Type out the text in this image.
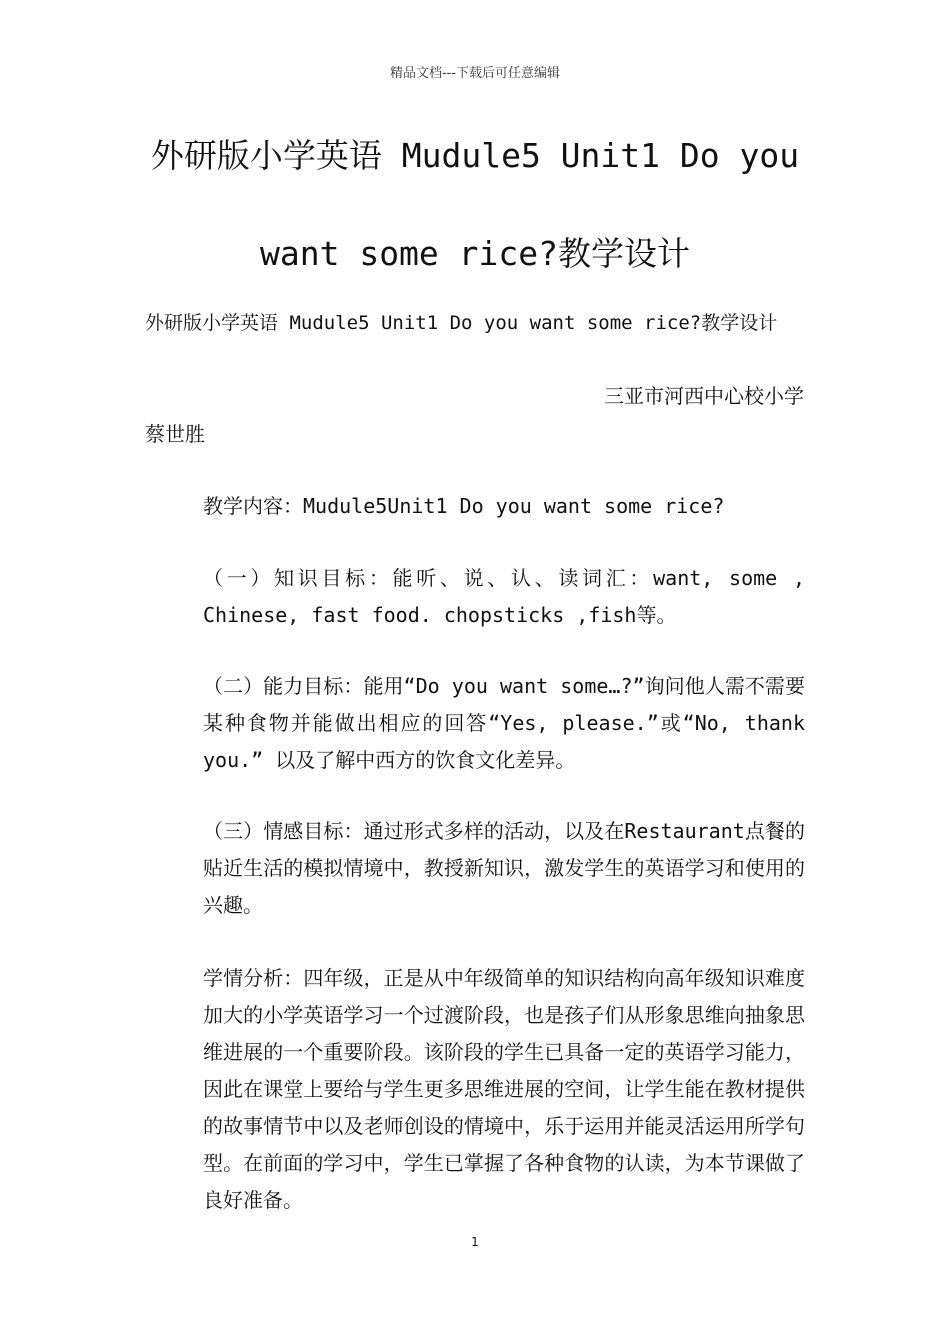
精品文档---下载后可任意编辑
外研版小学英语 Mudule5 Unit1 Do you
want some rice?教学设计
外研版小学英语 Mudule5 Unit1 Do you want some rice?教学设计
三亚市河西中心校小学
蔡世胜
教学内容：Mudule5Unit1 Do you want some rice?
（一）知识目标：能听、说、认、读词汇：want, some , Chinese, fast food. chopsticks ,fish等。
（二）能力目标：能用“Do you want some…?”询问他人需不需要某种食物并能做出相应的回答“Yes, please.”或“No, thank you.” 以及了解中西方的饮食文化差异。
（三）情感目标：通过形式多样的活动，以及在Restaurant点餐的贴近生活的模拟情境中，教授新知识，激发学生的英语学习和使用的兴趣。
学情分析：四年级，正是从中年级简单的知识结构向高年级知识难度加大的小学英语学习一个过渡阶段，也是孩子们从形象思维向抽象思维进展的一个重要阶段。该阶段的学生已具备一定的英语学习能力，因此在课堂上要给与学生更多思维进展的空间，让学生能在教材提供的故事情节中以及老师创设的情境中，乐于运用并能灵活运用所学句型。在前面的学习中，学生已掌握了各种食物的认读，为本节课做了良好准备。
1
